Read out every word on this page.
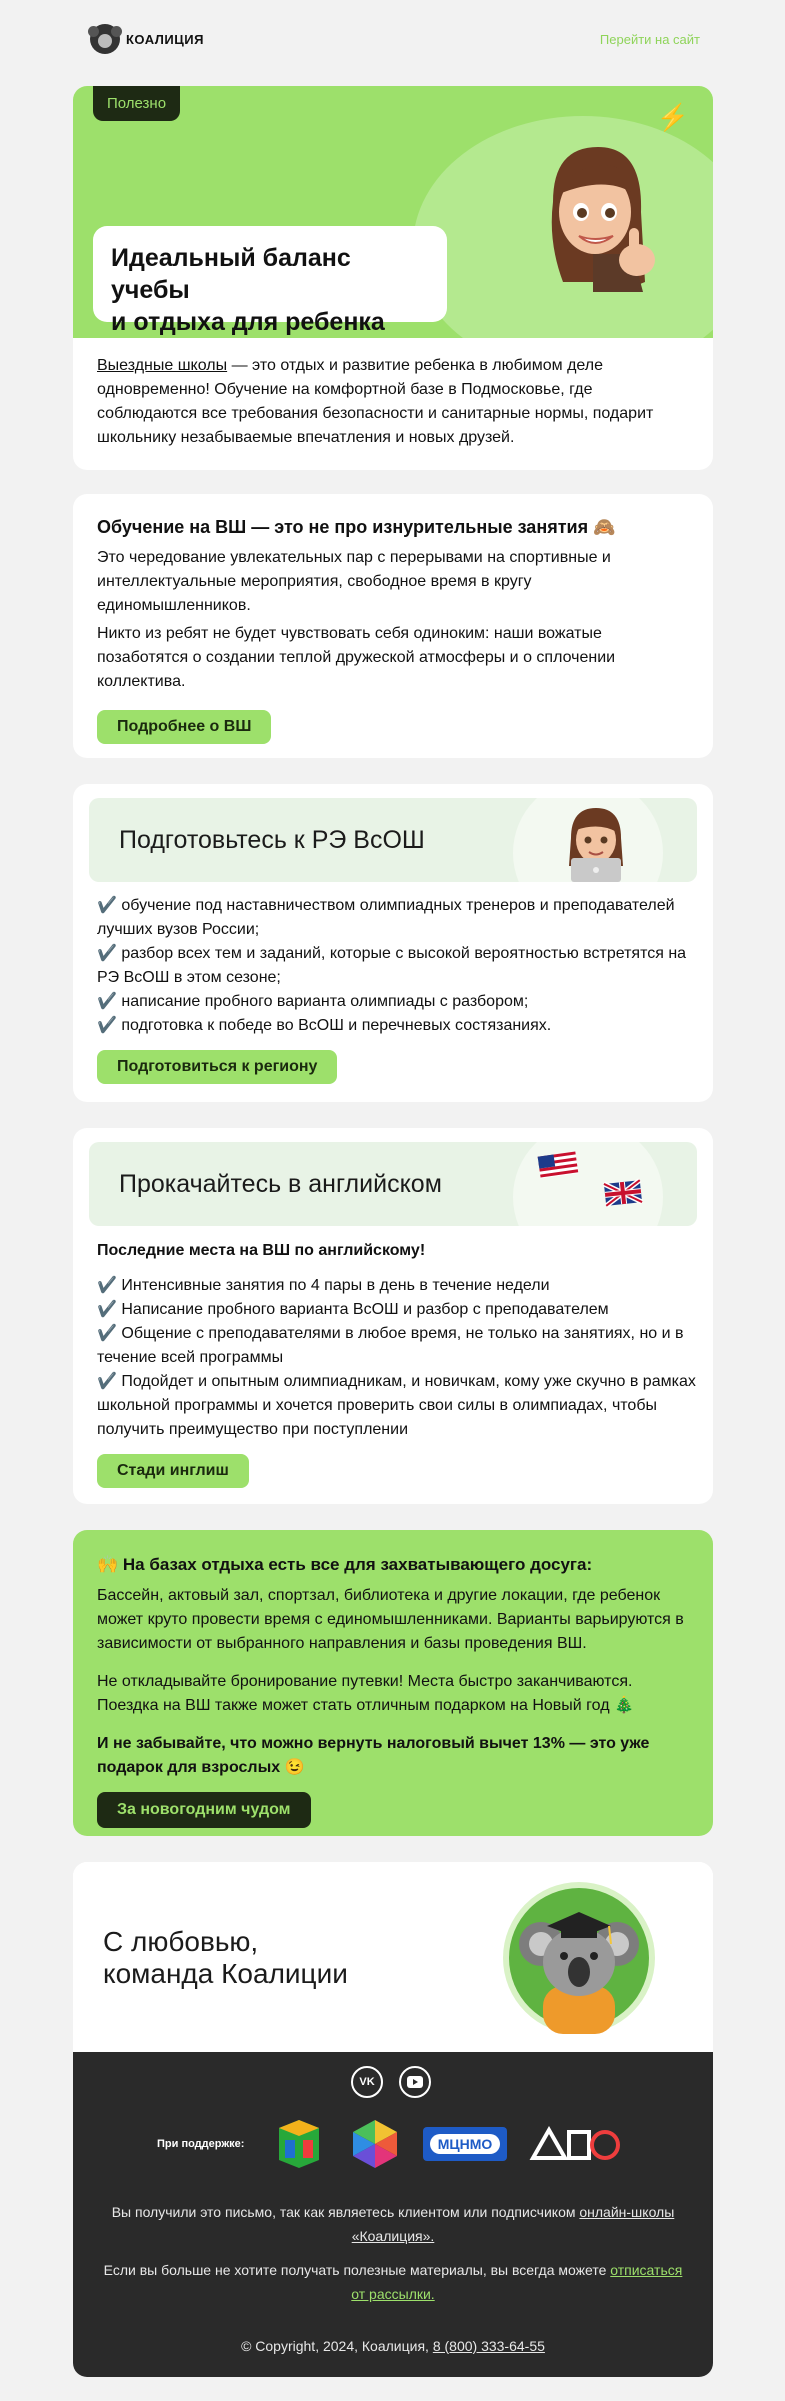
КОАЛИЦИЯ	Перейти на сайт
Полезно	⚡
Идеальный баланс учебы
и отдыха для ребенка
Выездные школы — это отдых и развитие ребенка в любимом деле одновременно! Обучение на комфортной базе в Подмосковье, где соблюдаются все требования безопасности и санитарные нормы, подарит школьнику незабываемые впечатления и новых друзей.
Обучение на ВШ — это не про изнурительные занятия 🙈
Это чередование увлекательных пар с перерывами на спортивные и интеллектуальные мероприятия, свободное время в кругу единомышленников.
Никто из ребят не будет чувствовать себя одиноким: наши вожатые позаботятся о создании теплой дружеской атмосферы и о сплочении коллектива.
Подробнее о ВШ
Подготовьтесь к РЭ ВсОШ
✔️ обучение под наставничеством олимпиадных тренеров и преподавателей лучших вузов России;
✔️ разбор всех тем и заданий, которые с высокой вероятностью встретятся на РЭ ВсОШ в этом сезоне;
✔️ написание пробного варианта олимпиады с разбором;
✔️ подготовка к победе во ВсОШ и перечневых состязаниях.
Подготовиться к региону
Прокачайтесь в английском
Последние места на ВШ по английскому!
✔️ Интенсивные занятия по 4 пары в день в течение недели
✔️ Написание пробного варианта ВсОШ и разбор с преподавателем
✔️ Общение с преподавателями в любое время, не только на занятиях, но и в течение всей программы
✔️ Подойдет и опытным олимпиадникам, и новичкам, кому уже скучно в рамках школьной программы и хочется проверить свои силы в олимпиадах, чтобы получить преимущество при поступлении
Стади инглиш
🙌 На базах отдыха есть все для захватывающего досуга:
Бассейн, актовый зал, спортзал, библиотека и другие локации, где ребенок может круто провести время с единомышленниками. Варианты варьируются в зависимости от выбранного направления и базы проведения ВШ.
Не откладывайте бронирование путевки! Места быстро заканчиваются. Поездка на ВШ также может стать отличным подарком на Новый год 🎄
И не забывайте, что можно вернуть налоговый вычет 13% — это уже подарок для взрослых 😉
За новогодним чудом
С любовью,
команда Коалиции
VK
При поддержке:	МЦНМО
Вы получили это письмо, так как являетесь клиентом или подписчиком онлайн-школы «Коалиция».
Если вы больше не хотите получать полезные материалы, вы всегда можете отписаться от рассылки.
© Copyright, 2024, Коалиция, 8 (800) 333-64-55
